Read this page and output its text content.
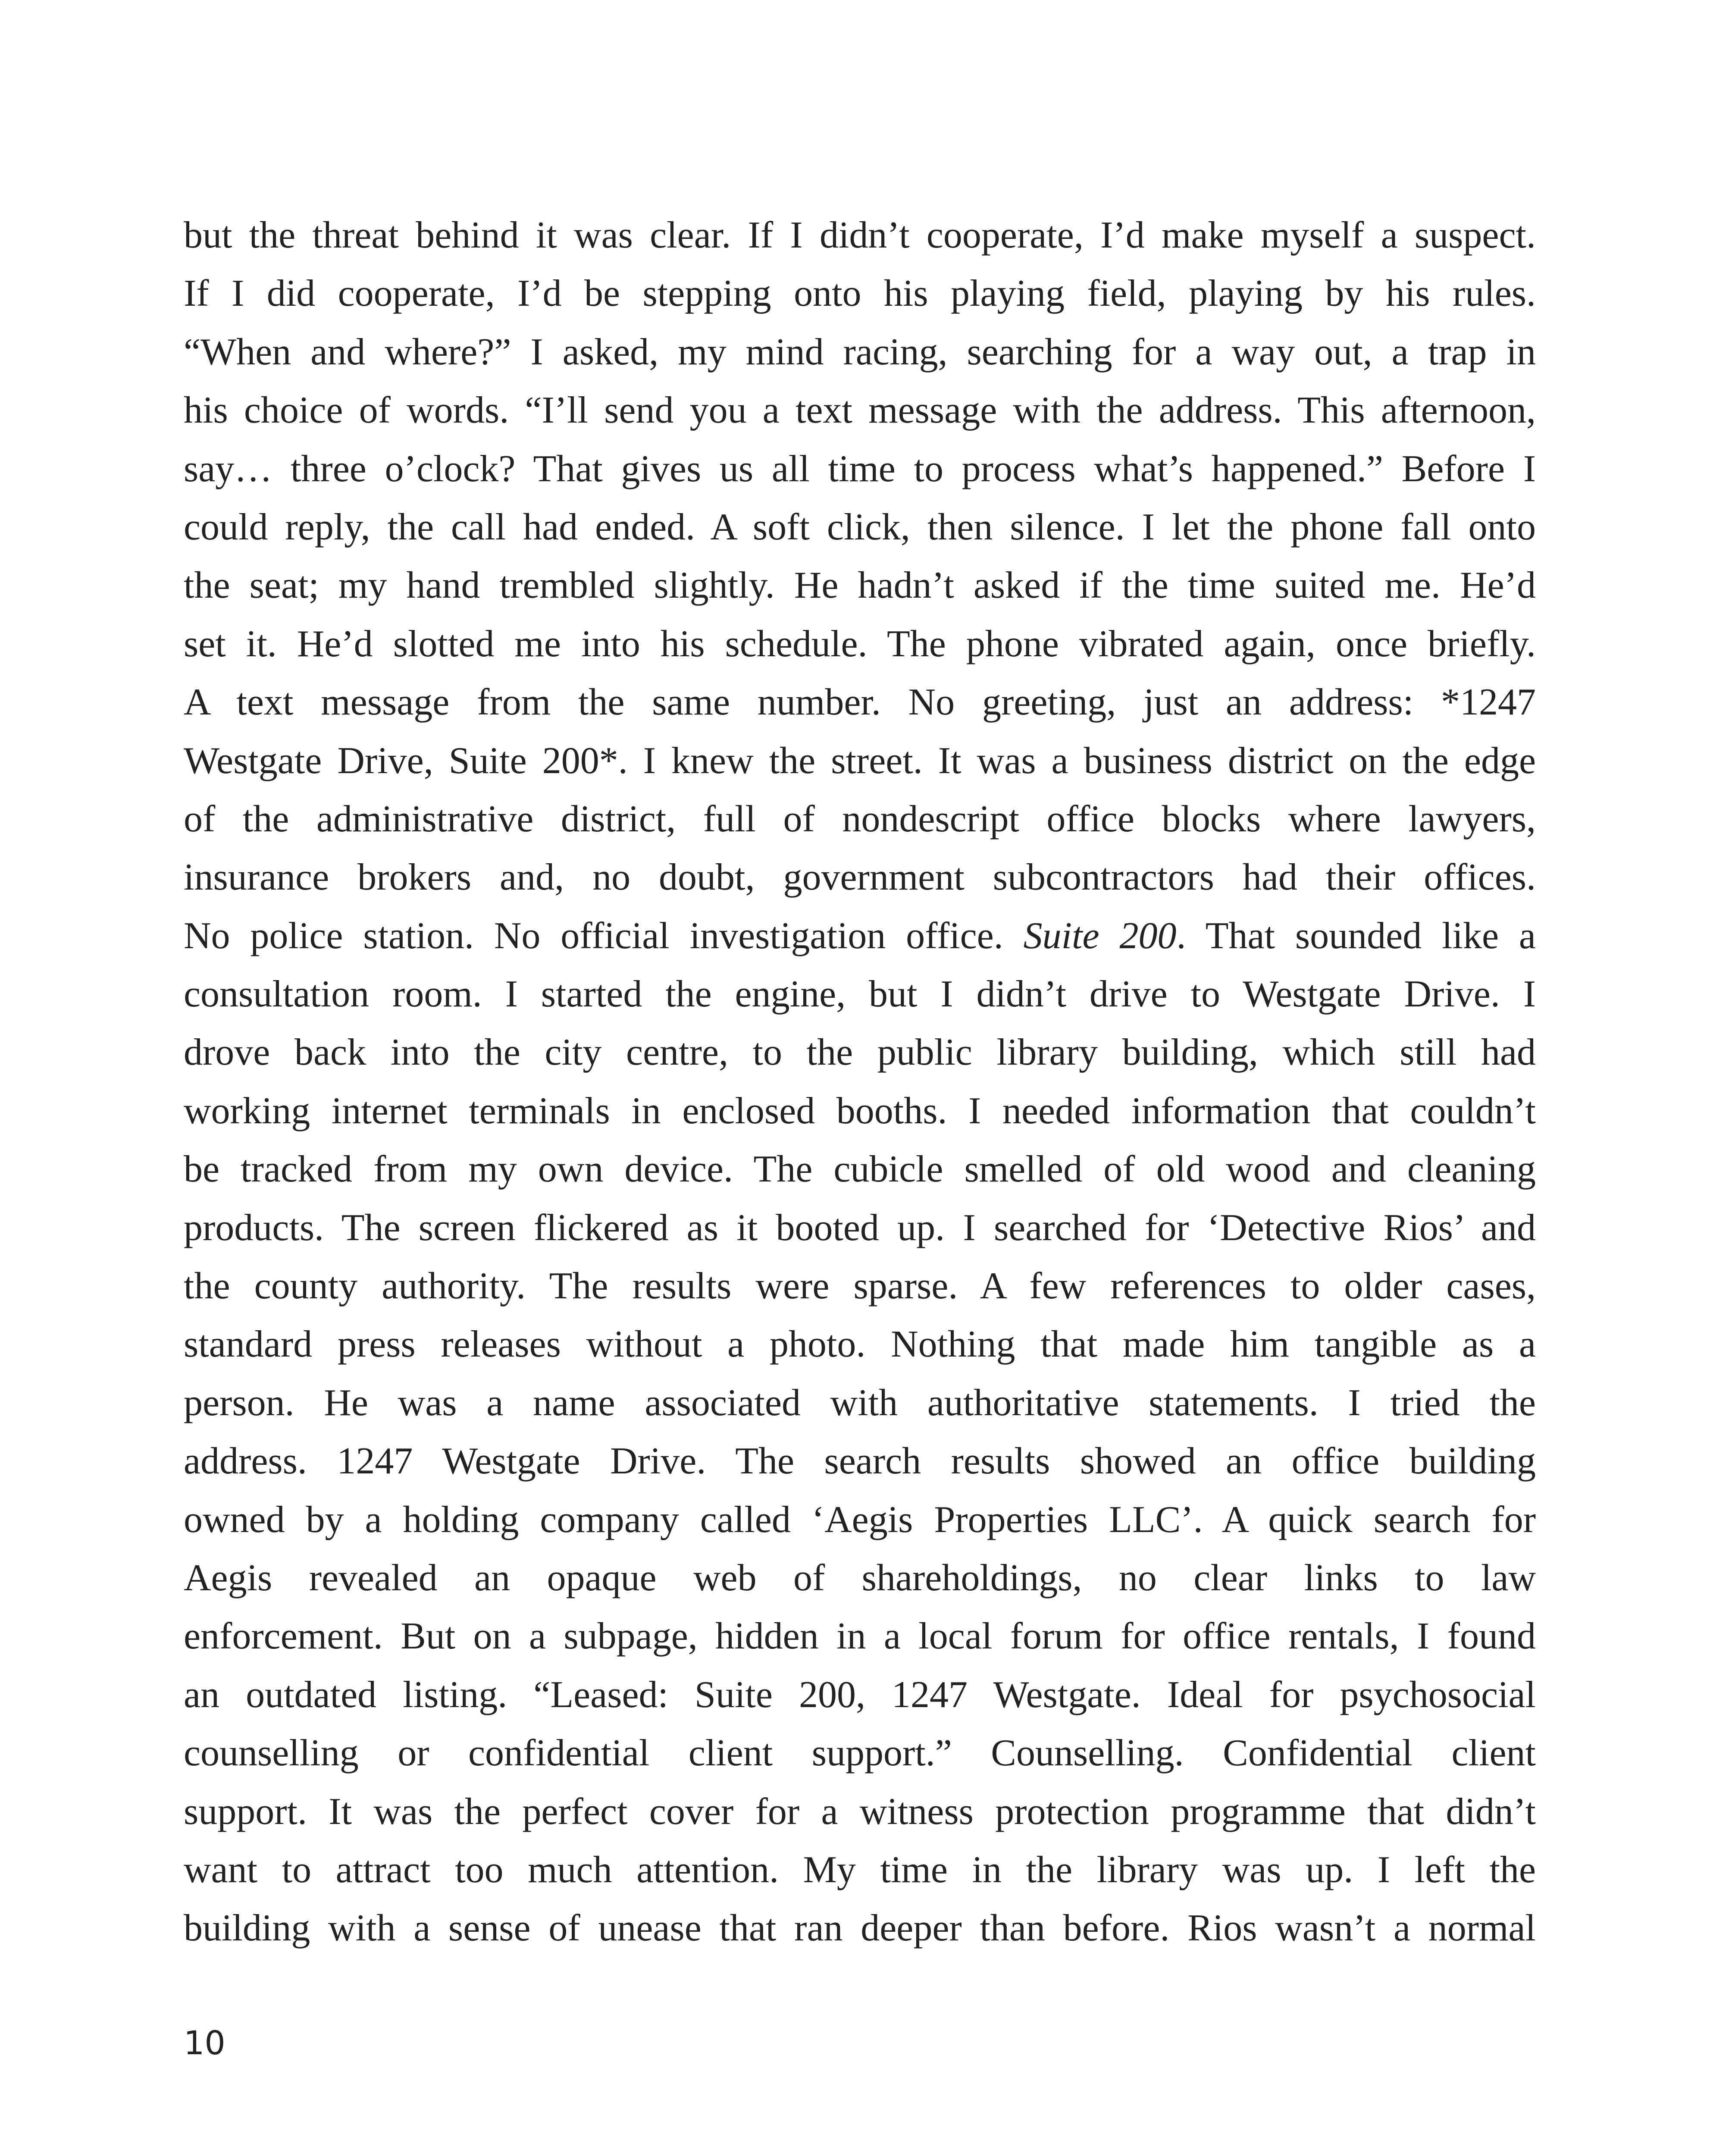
but the threat behind it was clear. If I didn’t cooperate, I’d make myself a suspect.
If I did cooperate, I’d be stepping onto his playing field, playing by his rules.
“When and where?” I asked, my mind racing, searching for a way out, a trap in
his choice of words. “I’ll send you a text message with the address. This afternoon,
say… three o’clock? That gives us all time to process what’s happened.” Before I
could reply, the call had ended. A soft click, then silence. I let the phone fall onto
the seat; my hand trembled slightly. He hadn’t asked if the time suited me. He’d
set it. He’d slotted me into his schedule. The phone vibrated again, once briefly.
A text message from the same number. No greeting, just an address: *1247
Westgate Drive, Suite 200*. I knew the street. It was a business district on the edge
of the administrative district, full of nondescript office blocks where lawyers,
insurance brokers and, no doubt, government subcontractors had their offices.
No police station. No official investigation office. Suite 200. That sounded like a
consultation room. I started the engine, but I didn’t drive to Westgate Drive. I
drove back into the city centre, to the public library building, which still had
working internet terminals in enclosed booths. I needed information that couldn’t
be tracked from my own device. The cubicle smelled of old wood and cleaning
products. The screen flickered as it booted up. I searched for ‘Detective Rios’ and
the county authority. The results were sparse. A few references to older cases,
standard press releases without a photo. Nothing that made him tangible as a
person. He was a name associated with authoritative statements. I tried the
address. 1247 Westgate Drive. The search results showed an office building
owned by a holding company called ‘Aegis Properties LLC’. A quick search for
Aegis revealed an opaque web of shareholdings, no clear links to law
enforcement. But on a subpage, hidden in a local forum for office rentals, I found
an outdated listing. “Leased: Suite 200, 1247 Westgate. Ideal for psychosocial
counselling or confidential client support.” Counselling. Confidential client
support. It was the perfect cover for a witness protection programme that didn’t
want to attract too much attention. My time in the library was up. I left the
building with a sense of unease that ran deeper than before. Rios wasn’t a normal
10
